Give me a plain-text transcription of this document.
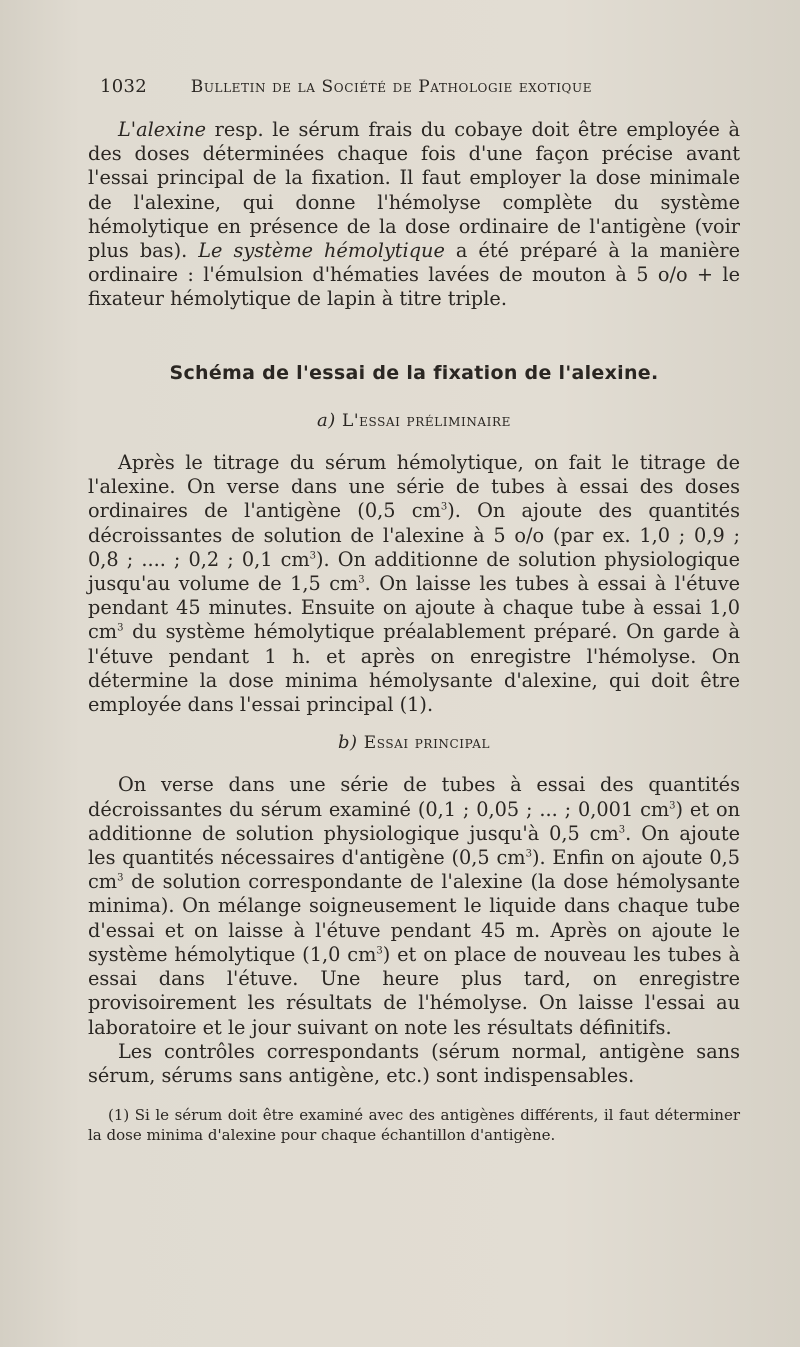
1032	Bulletin de la Société de Pathologie exotique

L'alexine resp. le sérum frais du cobaye doit être employée à des doses déterminées chaque fois d'une façon précise avant l'essai principal de la fixation. Il faut employer la dose minimale de l'alexine, qui donne l'hémolyse complète du système hémolytique en présence de la dose ordinaire de l'antigène (voir plus bas). Le système hémolytique a été préparé à la manière ordinaire : l'émulsion d'hématies lavées de mouton à 5 o/o + le fixateur hémolytique de lapin à titre triple.

Schéma de l'essai de la fixation de l'alexine.
a) L'essai préliminaire

Après le titrage du sérum hémolytique, on fait le titrage de l'alexine. On verse dans une série de tubes à essai des doses ordinaires de l'antigène (0,5 $cm^3$). On ajoute des quantités décroissantes de solution de l'alexine à 5 o/o (par ex. 1,0 ; 0,9 ; 0,8 ; .... ; 0,2 ; 0,1 $cm^3$). On additionne de solution physiologique jusqu'au volume de 1,5 $cm^3$. On laisse les tubes à essai à l'étuve pendant 45 minutes. Ensuite on ajoute à chaque tube à essai 1,0 $cm^3$ du système hémolytique préalablement préparé. On garde à l'étuve pendant 1 h. et après on enregistre l'hémolyse. On détermine la dose minima hémolysante d'alexine, qui doit être employée dans l'essai principal (1).

b) Essai principal

On verse dans une série de tubes à essai des quantités décroissantes du sérum examiné (0,1 ; 0,05 ; ... ; 0,001 $cm^3$) et on additionne de solution physiologique jusqu'à 0,5 $cm^3$. On ajoute les quantités nécessaires d'antigène (0,5 $cm^3$). Enfin on ajoute 0,5 $cm^3$ de solution correspondante de l'alexine (la dose hémolysante minima). On mélange soigneusement le liquide dans chaque tube d'essai et on laisse à l'étuve pendant 45 m. Après on ajoute le système hémolytique (1,0 $cm^3$) et on place de nouveau les tubes à essai dans l'étuve. Une heure plus tard, on enregistre provisoirement les résultats de l'hémolyse. On laisse l'essai au laboratoire et le jour suivant on note les résultats définitifs.

Les contrôles correspondants (sérum normal, antigène sans sérum, sérums sans antigène, etc.) sont indispensables.

(1) Si le sérum doit être examiné avec des antigènes différents, il faut déterminer la dose minima d'alexine pour chaque échantillon d'antigène.
